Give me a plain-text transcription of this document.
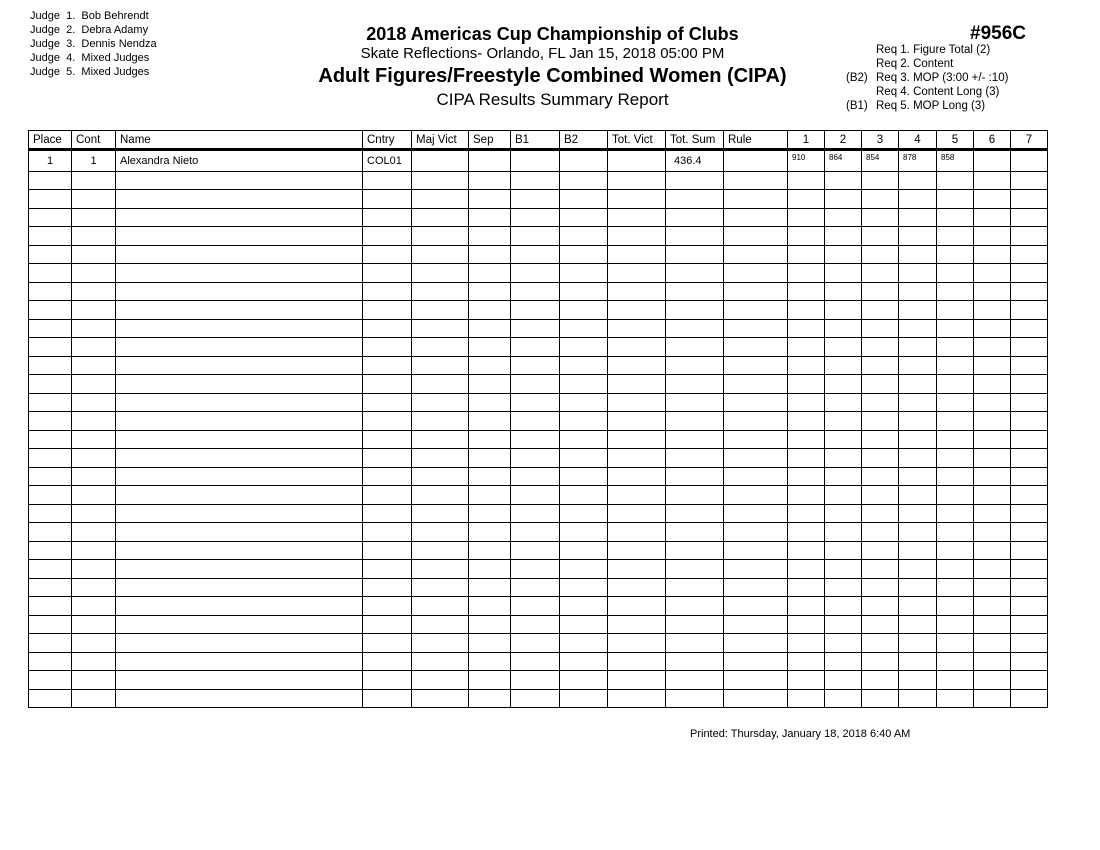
Judge 1. Bob Behrendt
Judge 2. Debra Adamy
Judge 3. Dennis Nendza
Judge 4. Mixed Judges
Judge 5. Mixed Judges
2018 Americas Cup Championship of Clubs
Skate Reflections- Orlando, FL Jan 15, 2018 05:00 PM
Adult Figures/Freestyle Combined Women (CIPA)
CIPA Results Summary Report
#956C
Req 1. Figure Total (2)
Req 2. Content
(B2) Req 3. MOP (3:00 +/- :10)
Req 4. Content Long (3)
(B1) Req 5. MOP Long (3)
Place	Cont	Name	Cntry	Maj Vict	Sep	B1	B2	Tot. Vict	Tot. Sum	Rule	1	2	3	4	5	6	7
1	1	Alexandra Nieto	COL01						436.4		910	864	854	878	858		

Printed: Thursday, January 18, 2018 6:40 AM
